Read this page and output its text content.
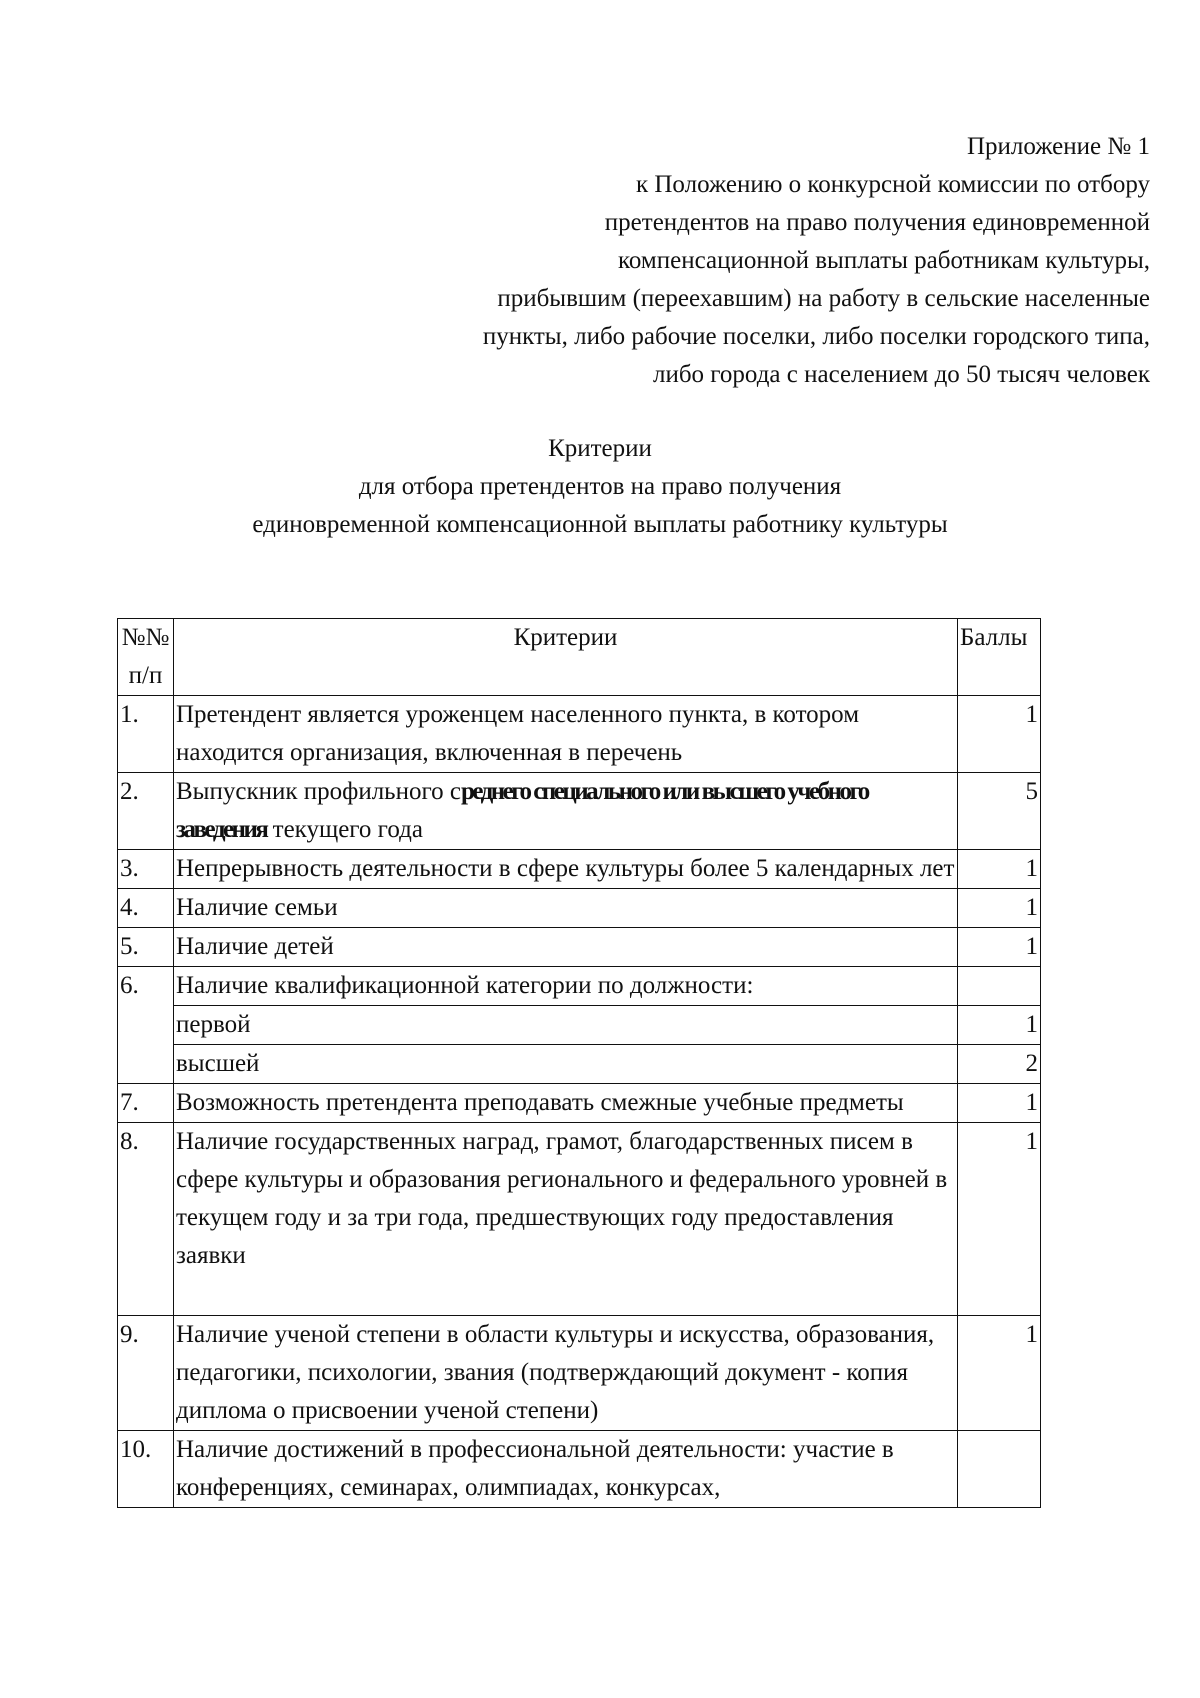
Приложение № 1
к Положению о конкурсной комиссии по отбору
претендентов на право получения единовременной
компенсационной выплаты работникам культуры,
прибывшим (переехавшим) на работу в сельские населенные
пункты, либо рабочие поселки, либо поселки городского типа,
либо города с населением до 50 тысяч человек
Критерии
для отбора претендентов на право получения
единовременной компенсационной выплаты работнику культуры
№№ п/п	Критерии	Баллы
1.	Претендент является уроженцем населенного пункта, в котором находится организация, включенная в перечень	1
2.	Выпускник профильного среднего специального или высшего учебного заведения текущего года	5
3.	Непрерывность деятельности в сфере культуры более 5 календарных лет	1
4.	Наличие семьи	1
5.	Наличие детей	1
6.	Наличие квалификационной категории по должности:	
	первой	1
	высшей	2
7.	Возможность претендента преподавать смежные учебные предметы	1
8.	Наличие государственных наград, грамот, благодарственных писем в сфере культуры и образования регионального и федерального уровней в текущем году и за три года, предшествующих году предоставления заявки	1
9.	Наличие ученой степени в области культуры и искусства, образования, педагогики, психологии, звания (подтверждающий документ - копия диплома о присвоении ученой степени)	1
10.	Наличие достижений в профессиональной деятельности: участие в конференциях, семинарах, олимпиадах, конкурсах,	
